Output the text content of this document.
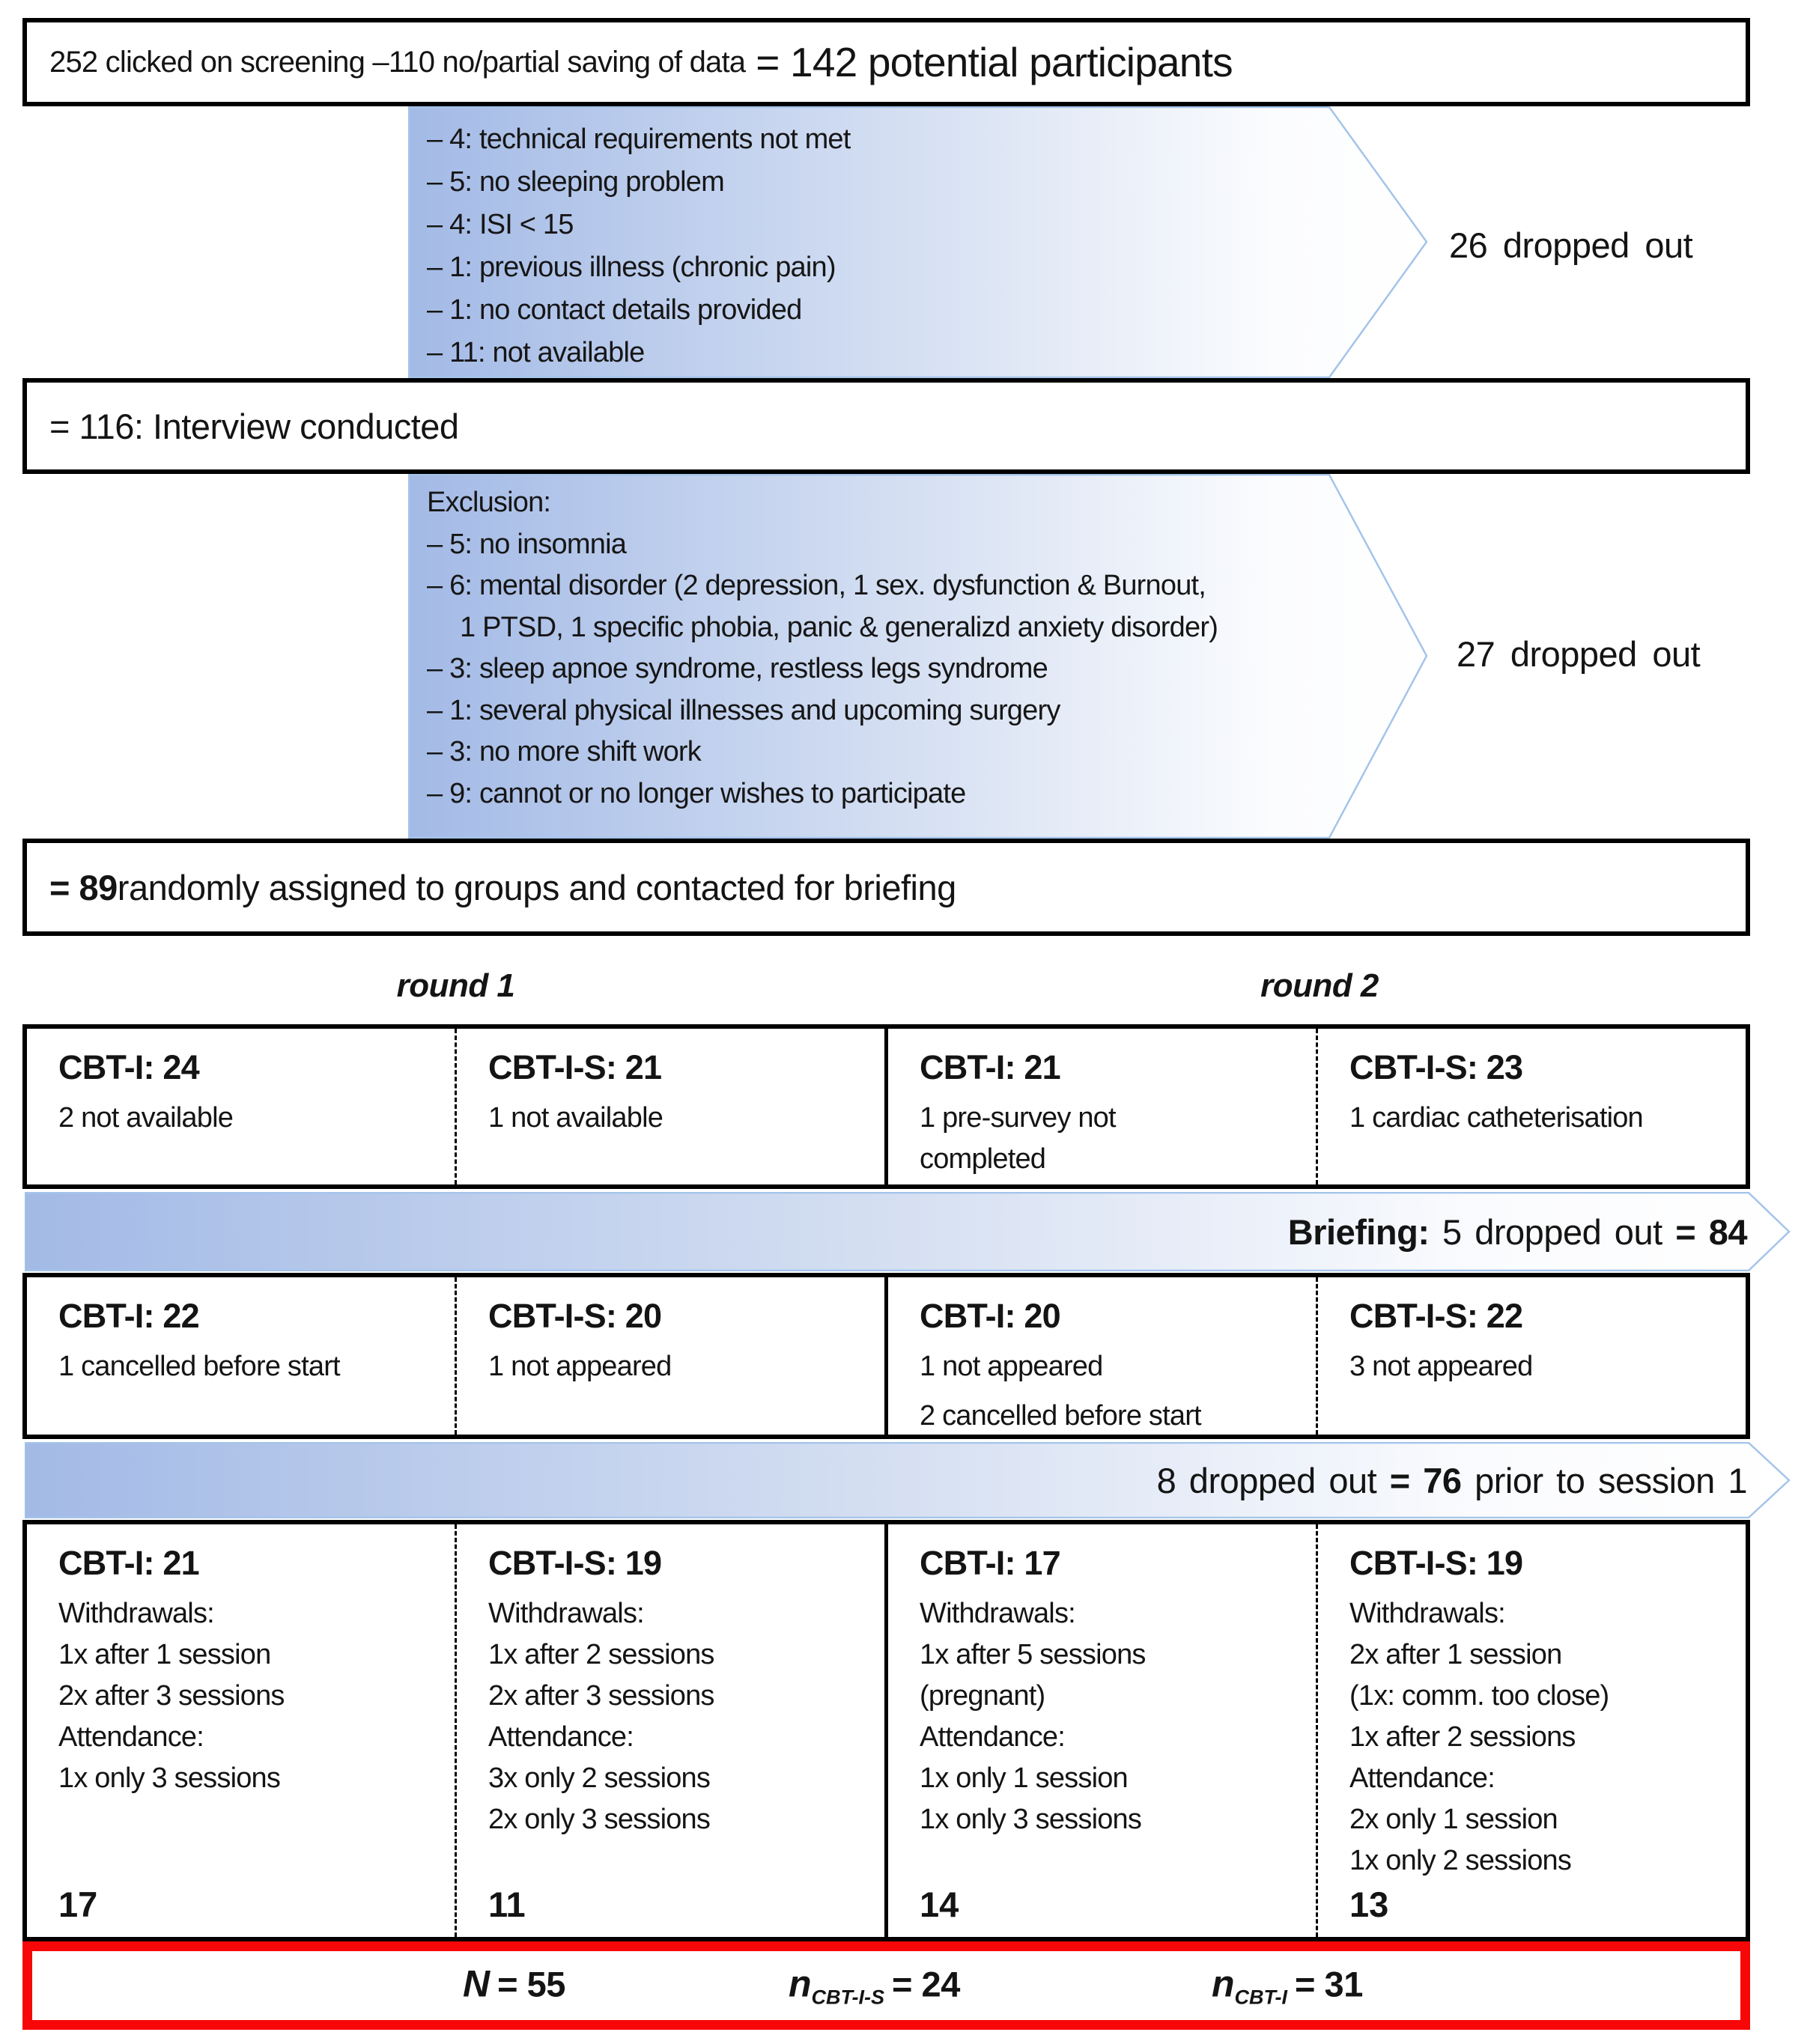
252 clicked on screening –110 no/partial saving of data = 142 potential participants
– 4: technical requirements not met
– 5: no sleeping problem
– 4: ISI < 15
– 1: previous illness (chronic pain)
– 1: no contact details provided
– 11: not available
26 dropped out
= 116: Interview conducted
Exclusion:
– 5: no insomnia
– 6: mental disorder (2 depression, 1 sex. dysfunction & Burnout,
1 PTSD, 1 specific phobia, panic & generalizd anxiety disorder)
– 3: sleep apnoe syndrome, restless legs syndrome
– 1: several physical illnesses and upcoming surgery
– 3: no more shift work
– 9: cannot or no longer wishes to participate
27 dropped out
= 89 randomly assigned to groups and contacted for briefing
round 1	round 2
CBT-I: 24
2 not available
CBT-I-S: 21
1 not available
CBT-I: 21
1 pre-survey not
completed
CBT-I-S: 23
1 cardiac catheterisation
Briefing: 5 dropped out = 84
CBT-I: 22
1 cancelled before start
CBT-I-S: 20
1 not appeared
CBT-I: 20
1 not appeared
2 cancelled before start
CBT-I-S: 22
3 not appeared
8 dropped out = 76 prior to session 1
CBT-I: 21
Withdrawals:
1x after 1 session
2x after 3 sessions
Attendance:
1x only 3 sessions
17
CBT-I-S: 19
Withdrawals:
1x after 2 sessions
2x after 3 sessions
Attendance:
3x only 2 sessions
2x only 3 sessions
11
CBT-I: 17
Withdrawals:
1x after 5 sessions
(pregnant)
Attendance:
1x only 1 session
1x only 3 sessions
14
CBT-I-S: 19
Withdrawals:
2x after 1 session
(1x: comm. too close)
1x after 2 sessions
Attendance:
2x only 1 session
1x only 2 sessions
13
N = 55	$n_{CBT-I-S} = 24$	$n_{CBT-I} = 31$
